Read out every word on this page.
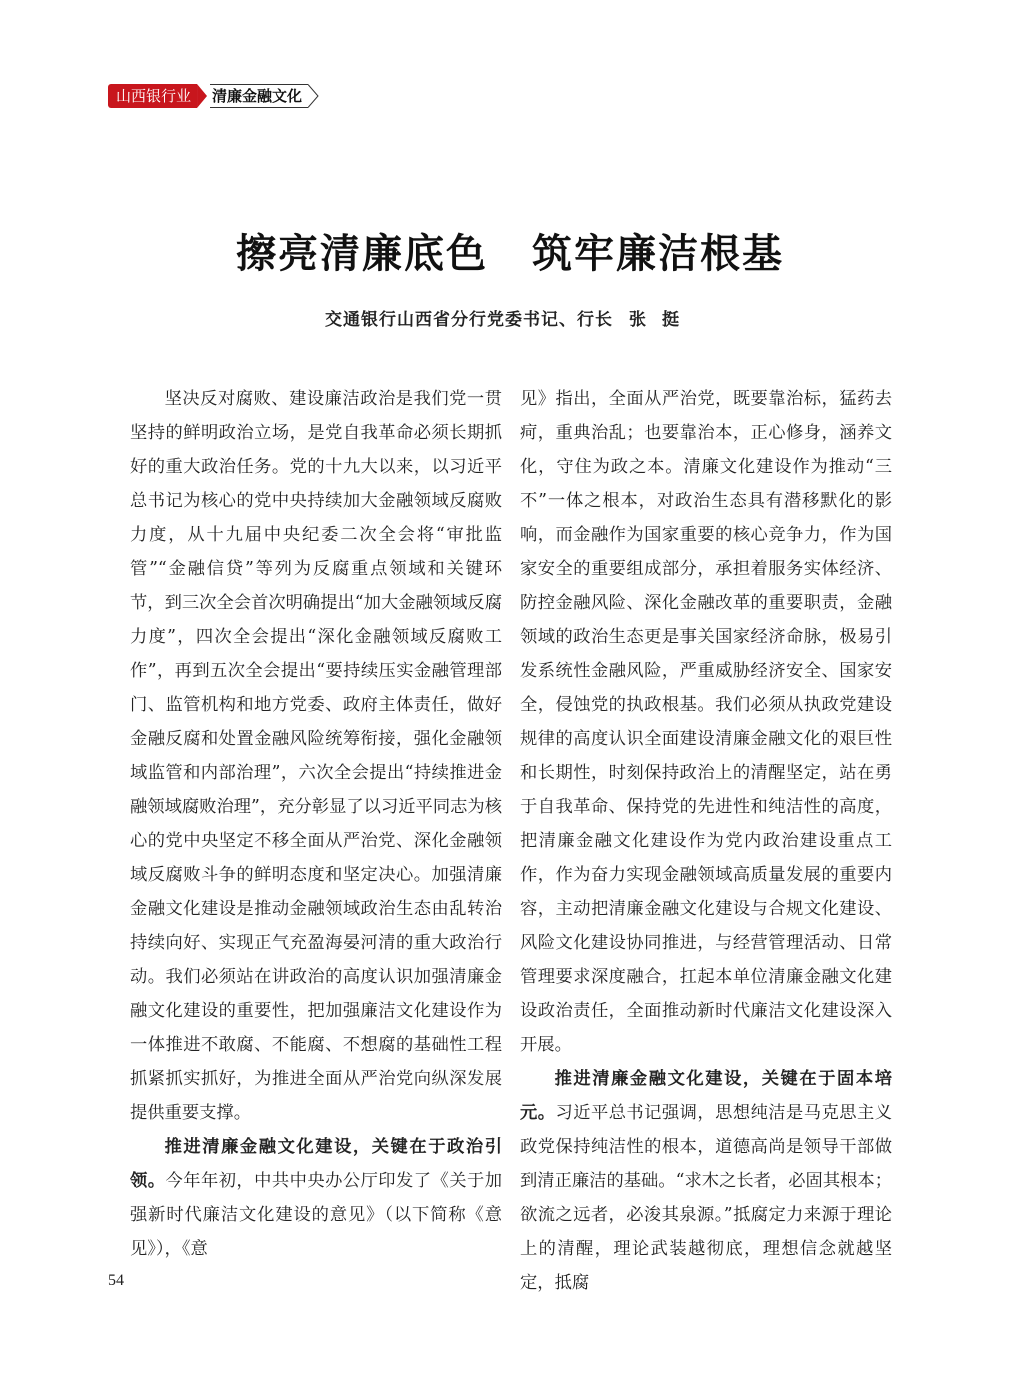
山西银行业	清廉金融文化
擦亮清廉底色 筑牢廉洁根基
交通银行山西省分行党委书记、行长 张挺

坚决反对腐败、建设廉洁政治是我们党一贯坚持的鲜明政治立场，是党自我革命必须长期抓好的重大政治任务。党的十九大以来，以习近平总书记为核心的党中央持续加大金融领域反腐败力度，从十九届中央纪委二次全会将“审批监管”“金融信贷”等列为反腐重点领域和关键环节，到三次全会首次明确提出“加大金融领域反腐力度”，四次全会提出“深化金融领域反腐败工作”，再到五次全会提出“要持续压实金融管理部门、监管机构和地方党委、政府主体责任，做好金融反腐和处置金融风险统筹衔接，强化金融领域监管和内部治理”，六次全会提出“持续推进金融领域腐败治理”，充分彰显了以习近平同志为核心的党中央坚定不移全面从严治党、深化金融领域反腐败斗争的鲜明态度和坚定决心。加强清廉金融文化建设是推动金融领域政治生态由乱转治持续向好、实现正气充盈海晏河清的重大政治行动。我们必须站在讲政治的高度认识加强清廉金融文化建设的重要性，把加强廉洁文化建设作为一体推进不敢腐、不能腐、不想腐的基础性工程抓紧抓实抓好，为推进全面从严治党向纵深发展提供重要支撑。

推进清廉金融文化建设，关键在于政治引领。今年年初，中共中央办公厅印发了《关于加强新时代廉洁文化建设的意见》（以下简称《意见》），《意

见》指出，全面从严治党，既要靠治标，猛药去疴，重典治乱；也要靠治本，正心修身，涵养文化，守住为政之本。清廉文化建设作为推动“三不”一体之根本，对政治生态具有潜移默化的影响，而金融作为国家重要的核心竞争力，作为国家安全的重要组成部分，承担着服务实体经济、防控金融风险、深化金融改革的重要职责，金融领域的政治生态更是事关国家经济命脉，极易引发系统性金融风险，严重威胁经济安全、国家安全，侵蚀党的执政根基。我们必须从执政党建设规律的高度认识全面建设清廉金融文化的艰巨性和长期性，时刻保持政治上的清醒坚定，站在勇于自我革命、保持党的先进性和纯洁性的高度，把清廉金融文化建设作为党内政治建设重点工作，作为奋力实现金融领域高质量发展的重要内容，主动把清廉金融文化建设与合规文化建设、风险文化建设协同推进，与经营管理活动、日常管理要求深度融合，扛起本单位清廉金融文化建设政治责任，全面推动新时代廉洁文化建设深入开展。

推进清廉金融文化建设，关键在于固本培元。习近平总书记强调，思想纯洁是马克思主义政党保持纯洁性的根本，道德高尚是领导干部做到清正廉洁的基础。“求木之长者，必固其根本；欲流之远者，必浚其泉源。”抵腐定力来源于理论上的清醒，理论武装越彻底，理想信念就越坚定，抵腐

54
